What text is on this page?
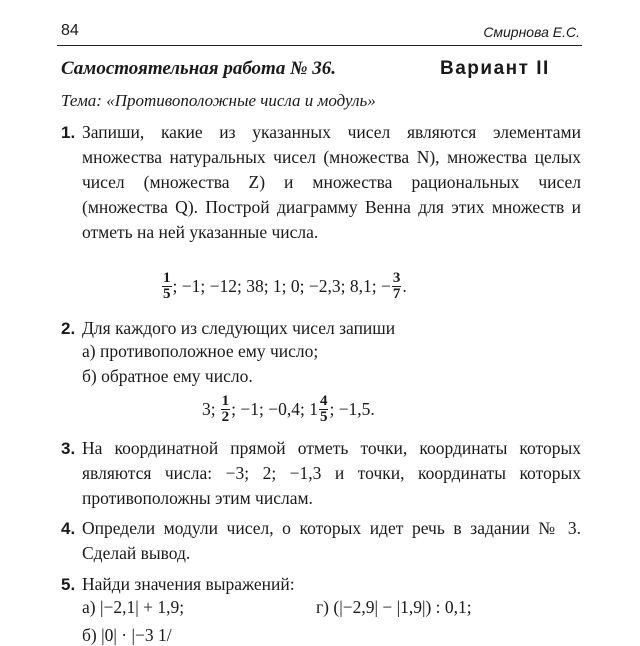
84	Смирнова Е.С.
Самостоятельная работа № 36.	Вариант II
Тема: «Противоположные числа и модуль»
1. Запиши, какие из указанных чисел являются элементами множества натуральных чисел (множества N), множества целых чисел (множества Z) и множества рациональных чисел (множества Q). Построй диаграмму Венна для этих множеств и отметь на ней указанные числа.
$\frac{1}{5}$ ; −1; −12; 38; 1; 0; −2,3; 8,1; − $\frac{3}{7}$ .
2. Для каждого из следующих чисел запиши
а) противоположное ему число;
б) обратное ему число.
3; $\frac{1}{2}$ ; −1; −0,4; $1 \frac{4}{5}$ ; −1,5.
3. На координатной прямой отметь точки, координаты которых являются числа: −3; 2; −1,3 и точки, координаты которых противоположны этим числам.
4. Определи модули чисел, о которых идет речь в задании № 3. Сделай вывод.
5. Найди значения выражений:
а) |−2,1| + 1,9;	г) (|−2,9| − |1,9|) : 0,1;
б) |0| · |−3 1/
